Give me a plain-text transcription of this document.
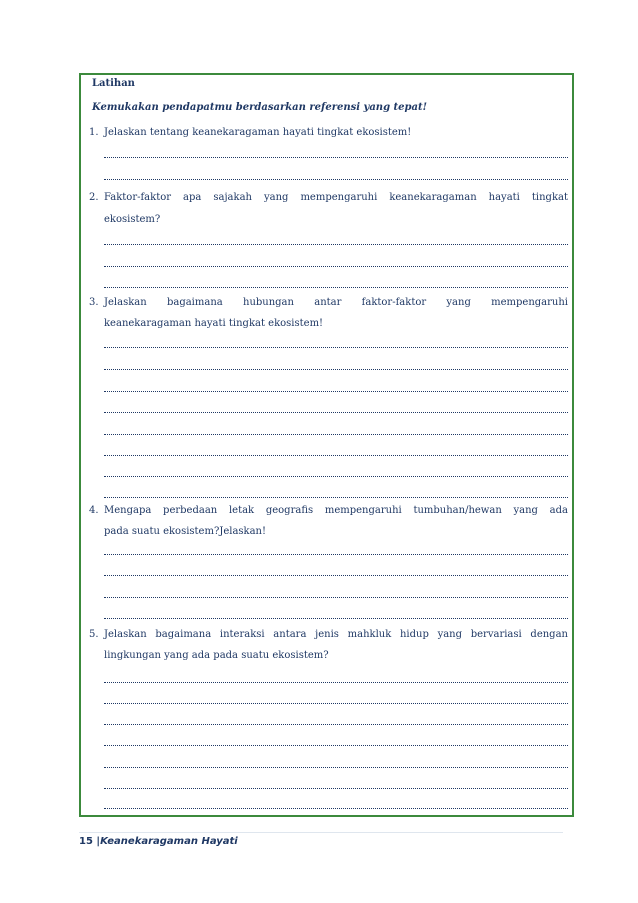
Latihan
Kemukakan pendapatmu berdasarkan referensi yang tepat!
1. Jelaskan tentang keanekaragaman hayati tingkat ekosistem!
2. Faktor-faktor apa sajakah yang mempengaruhi keanekaragaman hayati tingkat
ekosistem?
3. Jelaskan bagaimana hubungan antar faktor-faktor yang mempengaruhi
keanekaragaman hayati tingkat ekosistem!
4. Mengapa perbedaan letak geografis mempengaruhi tumbuhan/hewan yang ada
pada suatu ekosistem?Jelaskan!
5. Jelaskan bagaimana interaksi antara jenis mahkluk hidup yang bervariasi dengan
lingkungan yang ada pada suatu ekosistem?
15 |Keanekaragaman Hayati
